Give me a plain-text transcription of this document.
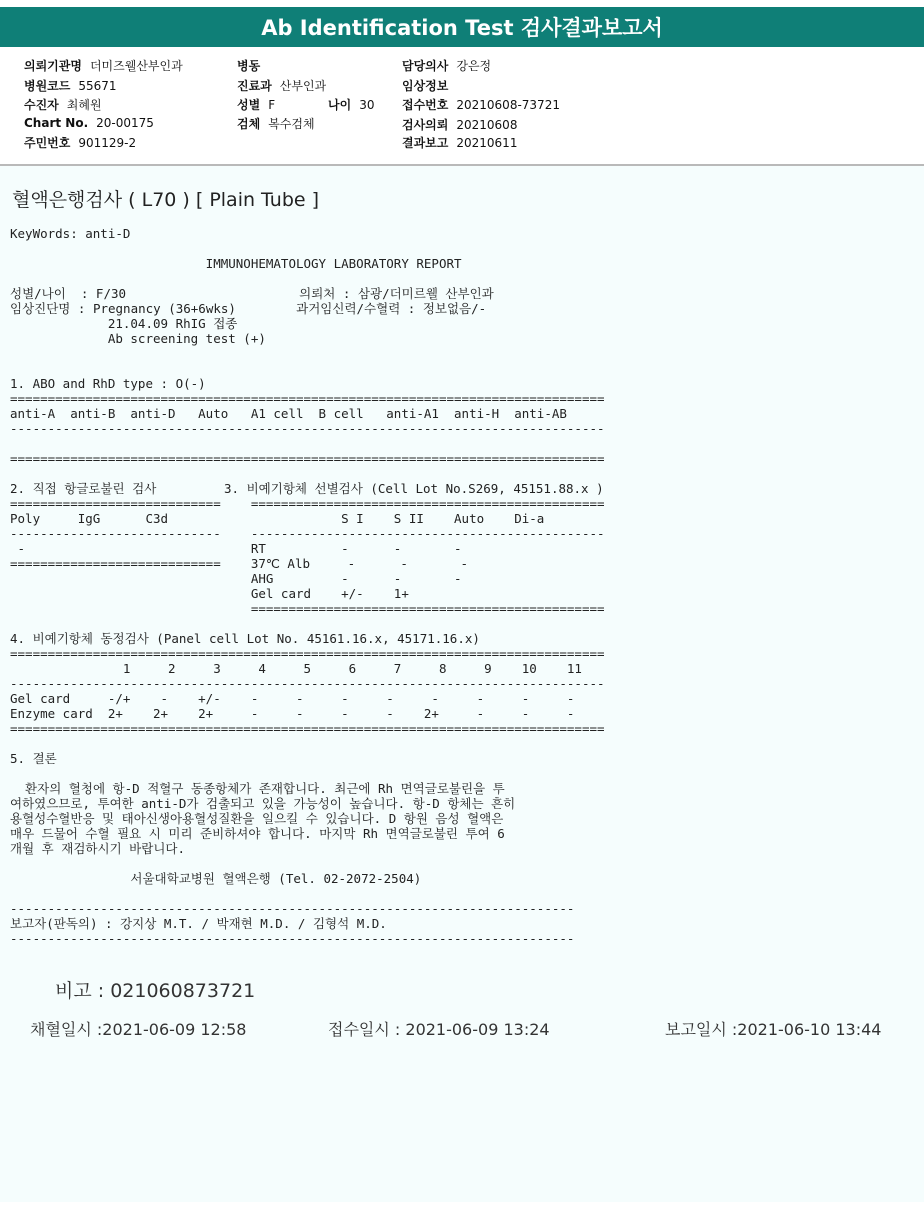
Ab Identification Test 검사결과보고서
의뢰기관명 더미즈웰산부인과
병원코드 55671
수진자 최혜원
Chart No. 20-00175
주민번호 901129-2
병동
진료과 산부인과
성별 F	나이 30
검체 복수검체
담당의사 강은정
임상정보
접수번호 20210608-73721
검사의뢰 20210608
결과보고 20210611
혈액은행검사 ( L70 ) [ Plain Tube ]
KeyWords: anti-D
IMMUNOHEMATOLOGY LABORATORY REPORT
성별/나이  : F/30                       의뢰처 : 삼광/더미르웰 산부인과
임상진단명 : Pregnancy (36+6wks)        과거임신력/수혈력 : 정보없음/-
21.04.09 RhIG 접종
Ab screening test (+)
1. ABO and RhD type : O(-)
===============================================================================
anti-A  anti-B  anti-D   Auto   A1 cell  B cell   anti-A1  anti-H  anti-AB
-------------------------------------------------------------------------------
===============================================================================
2. 직접 항글로불린 검사         3. 비예기항체 선별검사 (Cell Lot No.S269, 45151.88.x )
============================    ===============================================
Poly     IgG      C3d                       S I    S II    Auto    Di-a
----------------------------    -----------------------------------------------
-                              RT          -      -       -
============================    37℃ Alb     -      -       -
AHG         -      -       -
Gel card    +/-    1+
===============================================
4. 비예기항체 동정검사 (Panel cell Lot No. 45161.16.x, 45171.16.x)
===============================================================================
1     2     3     4     5     6     7     8     9    10    11
-------------------------------------------------------------------------------
Gel card     -/+    -    +/-    -     -     -     -     -     -     -     -
Enzyme card  2+    2+    2+     -     -     -     -    2+     -     -     -
===============================================================================
5. 결론
환자의 혈청에 항-D 적혈구 동종항체가 존재합니다. 최근에 Rh 면역글로불린을 투
여하였으므로, 투여한 anti-D가 검출되고 있을 가능성이 높습니다. 항-D 항체는 흔히
용혈성수혈반응 및 태아신생아용혈성질환을 일으킬 수 있습니다. D 항원 음성 혈액은
매우 드물어 수혈 필요 시 미리 준비하셔야 합니다. 마지막 Rh 면역글로불린 투여 6
개월 후 재검하시기 바랍니다.
서울대학교병원 혈액은행 (Tel. 02-2072-2504)
---------------------------------------------------------------------------
보고자(판독의) : 강지상 M.T. / 박재현 M.D. / 김형석 M.D.
---------------------------------------------------------------------------
비고 : 021060873721
채혈일시 :2021-06-09 12:58	접수일시 : 2021-06-09 13:24	보고일시 :2021-06-10 13:44
